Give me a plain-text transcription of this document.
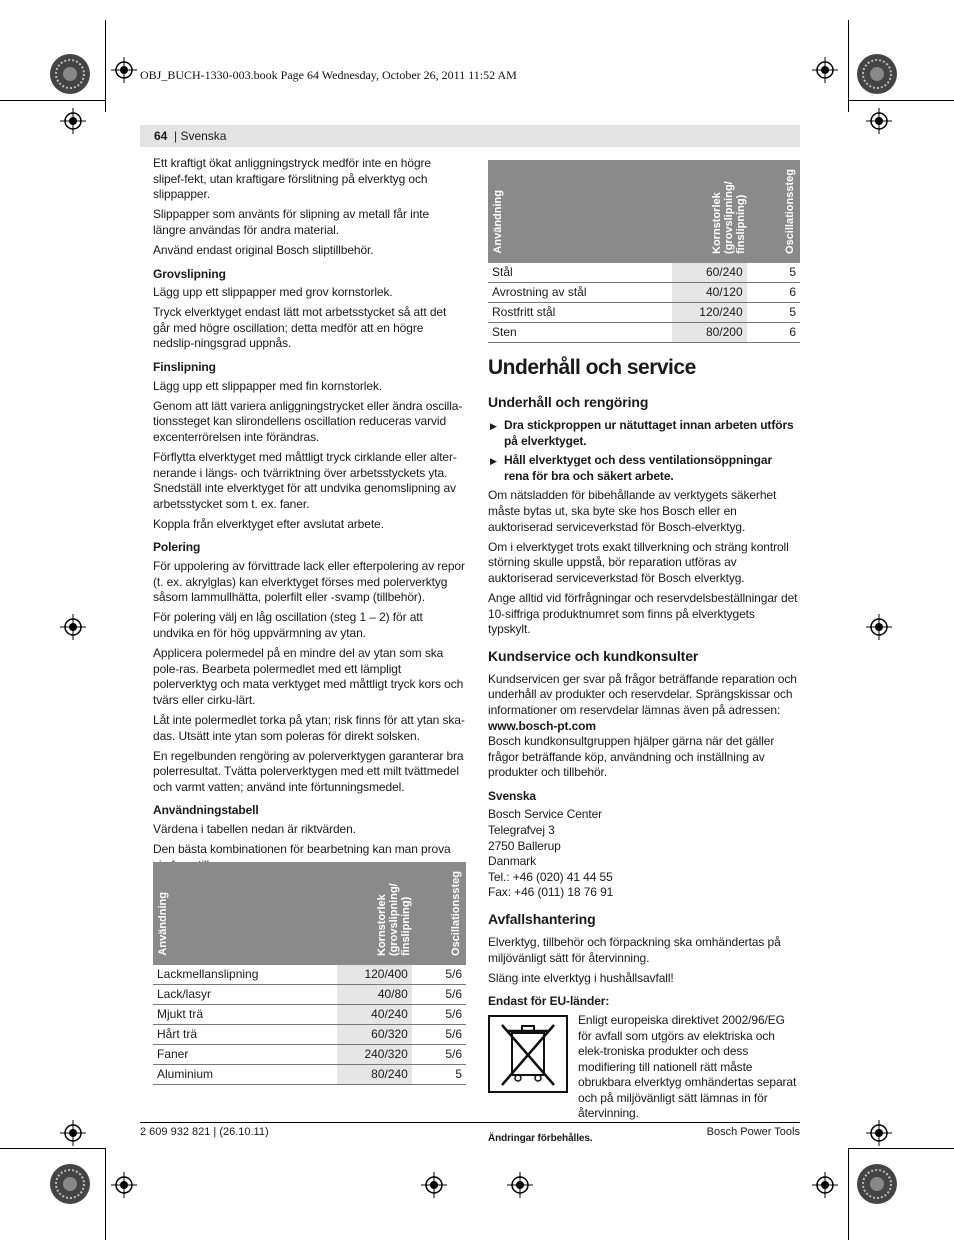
OBJ_BUCH-1330-003.book Page 64 Wednesday, October 26, 2011 11:52 AM
64 | Svenska

Ett kraftigt ökat anliggningstryck medför inte en högre slipef-fekt, utan kraftigare förslitning på elverktyg och slippapper.

Slippapper som använts för slipning av metall får inte längre användas för andra material.

Använd endast original Bosch sliptillbehör.

Grovslipning

Lägg upp ett slippapper med grov kornstorlek.

Tryck elverktyget endast lätt mot arbetsstycket så att det går med högre oscillation; detta medför att en högre nedslip-ningsgrad uppnås.

Finslipning

Lägg upp ett slippapper med fin kornstorlek.

Genom att lätt variera anliggningstrycket eller ändra oscilla-tionssteget kan slirondellens oscillation reduceras varvid excenterrörelsen inte förändras.

Förflytta elverktyget med måttligt tryck cirklande eller alter-nerande i längs- och tvärriktning över arbetsstyckets yta. Snedställ inte elverktyget för att undvika genomslipning av arbetsstycket som t. ex. faner.

Koppla från elverktyget efter avslutat arbete.

Polering

För uppolering av förvittrade lack eller efterpolering av repor (t. ex. akrylglas) kan elverktyget förses med polerverktyg såsom lammullhätta, polerfilt eller -svamp (tillbehör).

För polering välj en låg oscillation (steg 1 – 2) för att undvika en för hög uppvärmning av ytan.

Applicera polermedel på en mindre del av ytan som ska pole-ras. Bearbeta polermedlet med ett lämpligt polerverktyg och mata verktyget med måttligt tryck kors och tvärs eller cirku-lärt.

Låt inte polermedlet torka på ytan; risk finns för att ytan ska-das. Utsätt inte ytan som poleras för direkt solsken.

En regelbunden rengöring av polerverktygen garanterar bra polerresultat. Tvätta polerverktygen med ett milt tvättmedel och varmt vatten; använd inte förtunningsmedel.

Användningstabell

Värdena i tabellen nedan är riktvärden.

Den bästa kombinationen för bearbetning kan man prova

Användning	Kornstorlek (grovslipning/ finslipning)	Oscillationssteg
Lackmellanslipning	120/400	5/6
Lack/lasyr	40/80	5/6
Mjukt trä	40/240	5/6
Hårt trä	60/320	5/6
Faner	240/320	5/6
Aluminium	80/240	5
Användning	Kornstorlek (grovslipning/ finslipning)	Oscillationssteg
Stål	60/240	5
Avrostning av stål	40/120	6
Rostfritt stål	120/240	5
Sten	80/200	6
Underhåll och service
Underhåll och rengöring
▶ Dra stickproppen ur nätuttaget innan arbeten utförs på elverktyget.
▶ Håll elverktyget och dess ventilationsöppningar rena för bra och säkert arbete.

Om nätsladden för bibehållande av verktygets säkerhet måste bytas ut, ska byte ske hos Bosch eller en auktoriserad serviceverkstad för Bosch-elverktyg.

Om i elverktyget trots exakt tillverkning och sträng kontroll störning skulle uppstå, bör reparation utföras av auktoriserad serviceverkstad för Bosch elverktyg.

Ange alltid vid förfrågningar och reservdelsbeställningar det 10-siffriga produktnumret som finns på elverktygets typskylt.

Kundservice och kundkonsulter

Kundservicen ger svar på frågor beträffande reparation och underhåll av produkter och reservdelar. Sprängskissar och informationer om reservdelar lämnas även på adressen:

www.bosch-pt.com

Bosch kundkonsultgruppen hjälper gärna när det gäller frågor beträffande köp, användning och inställning av produkter och tillbehör.

Svenska
Bosch Service Center
Telegrafvej 3
2750 Ballerup
Danmark
Tel.: +46 (020) 41 44 55
Fax: +46 (011) 18 76 91
Avfallshantering

Elverktyg, tillbehör och förpackning ska omhändertas på miljövänligt sätt för återvinning.

Släng inte elverktyg i hushållsavfall!

Endast för EU-länder:
Enligt europeiska direktivet 2002/96/EG för avfall som utgörs av elektriska och elek-troniska produkter och dess modifiering till nationell rätt måste obrukbara elverktyg omhändertas separat och på miljövänligt sätt lämnas in för återvinning.
Ändringar förbehålles.
2 609 932 821 | (26.10.11)	Bosch Power Tools
